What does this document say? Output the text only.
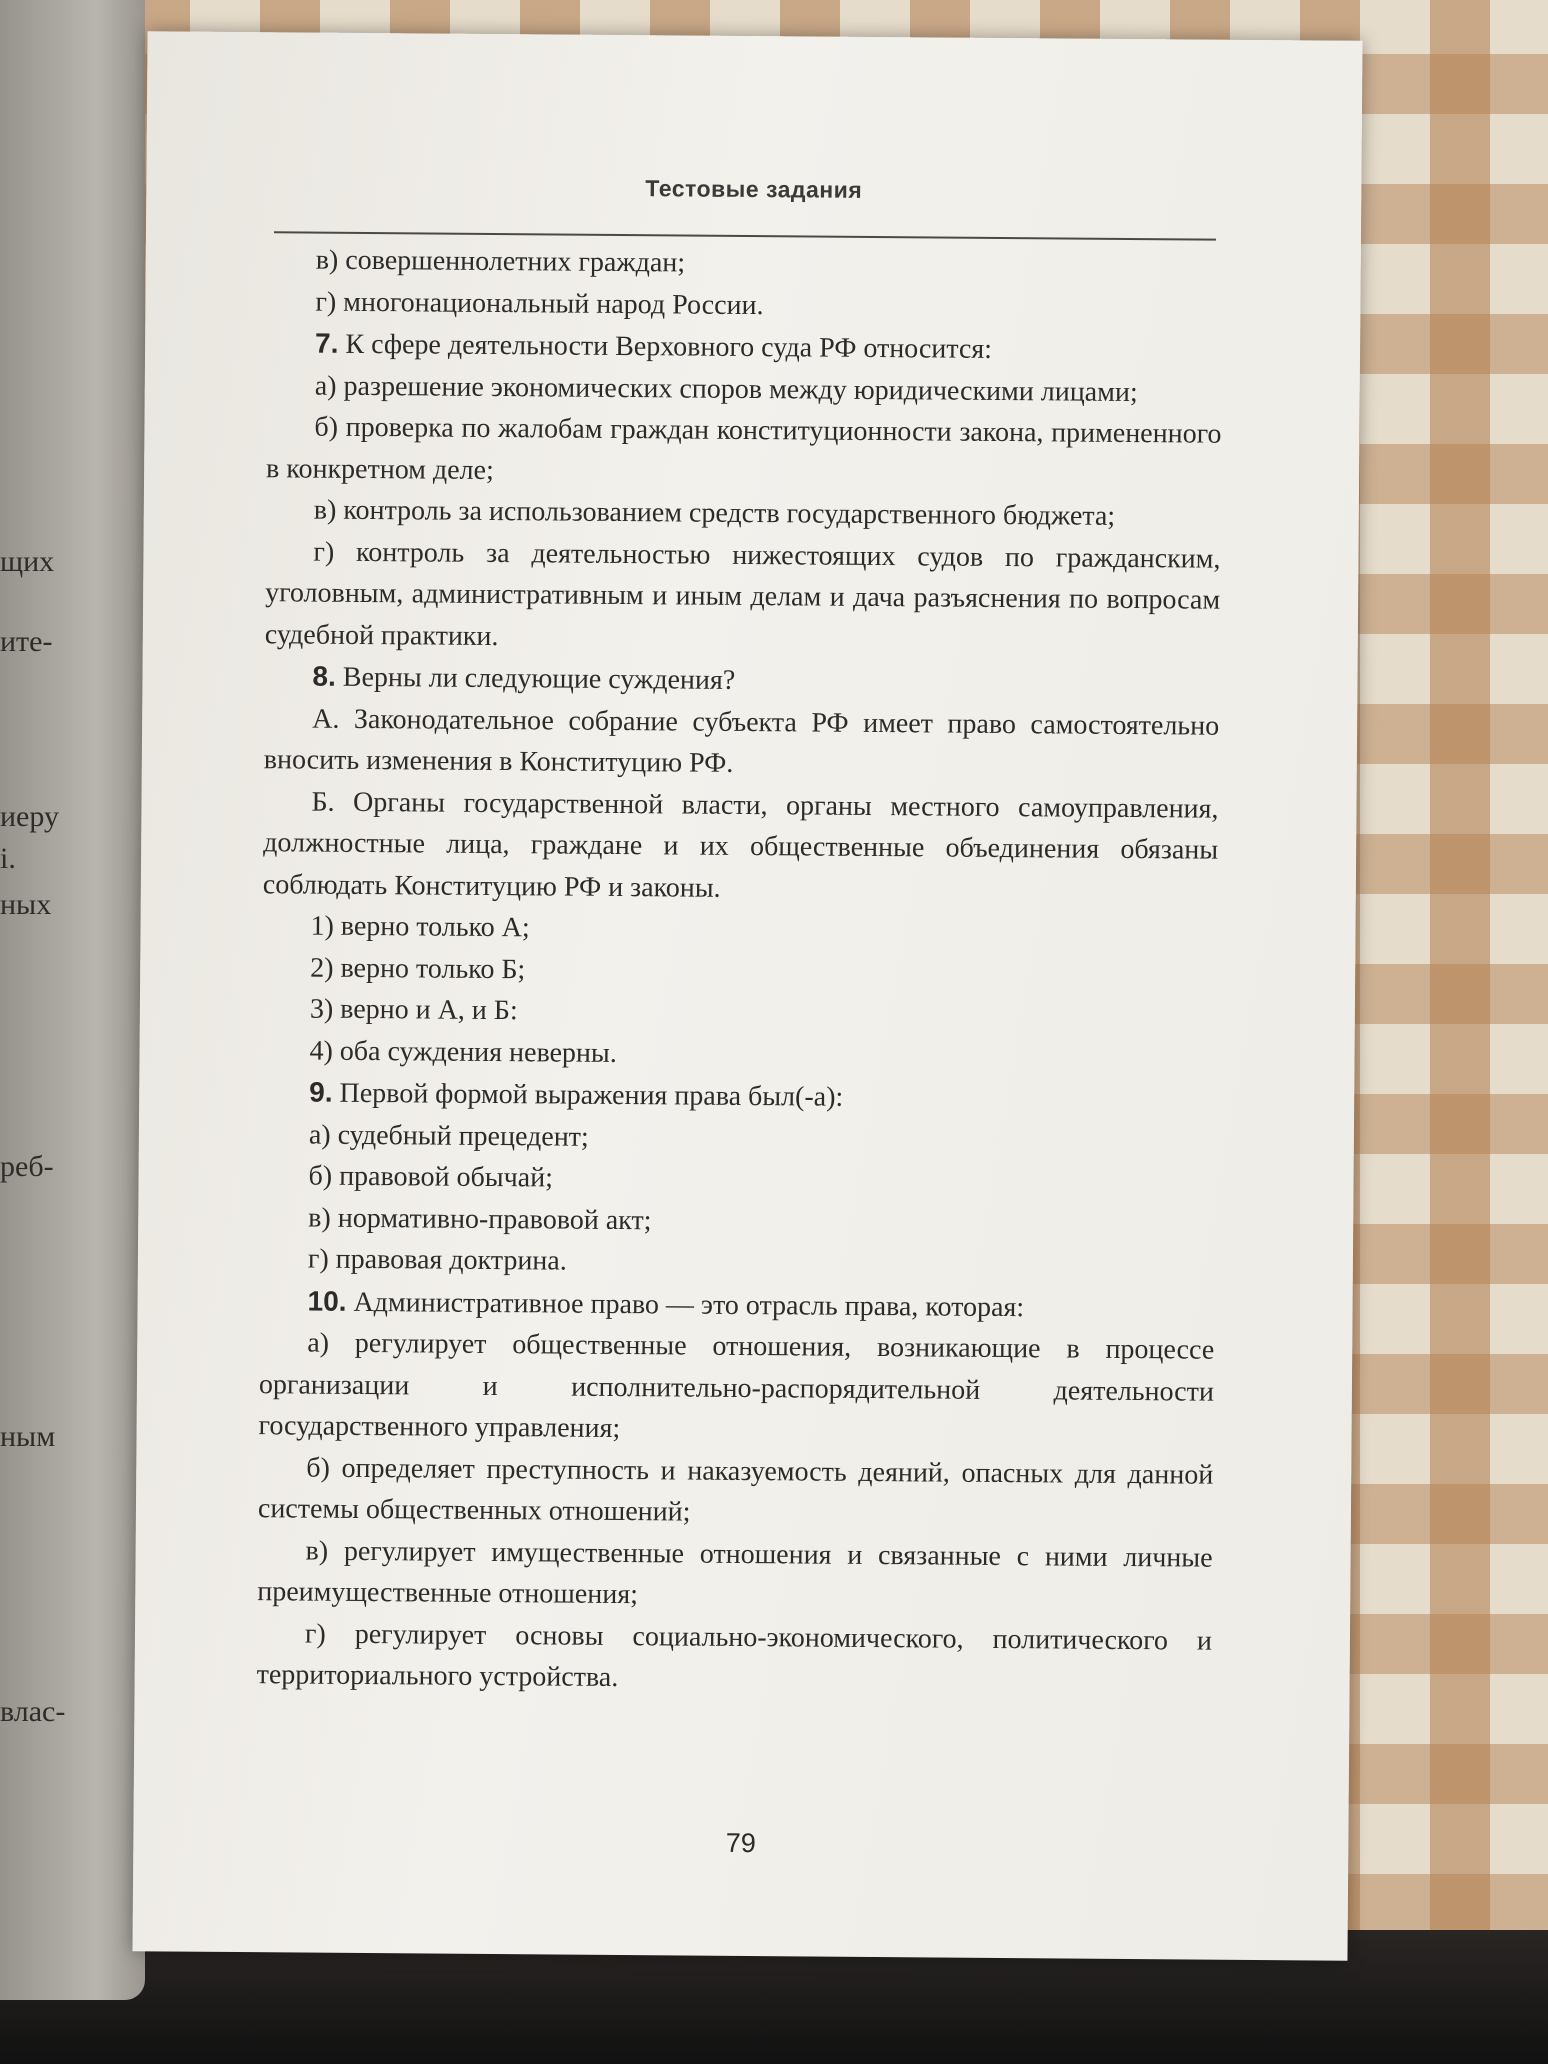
щих
ите-
иеру
і.
ных
реб-
ным
влас-
Тестовые задания

в) совершеннолетних граждан;

г) многонациональный народ России.

7. К сфере деятельности Верховного суда РФ относится:

а) разрешение экономических споров между юридическими лицами;

б) проверка по жалобам граждан конституционности закона, примененного в конкретном деле;

в) контроль за использованием средств государственного бюджета;

г) контроль за деятельностью нижестоящих судов по гражданским, уголовным, административным и иным делам и дача разъяснения по вопросам судебной практики.

8. Верны ли следующие суждения?

А. Законодательное собрание субъекта РФ имеет право самостоятельно вносить изменения в Конституцию РФ.

Б. Органы государственной власти, органы местного самоуправления, должностные лица, граждане и их общественные объединения обязаны соблюдать Конституцию РФ и законы.

1) верно только А;

2) верно только Б;

3) верно и А, и Б:

4) оба суждения неверны.

9. Первой формой выражения права был(-а):

а) судебный прецедент;

б) правовой обычай;

в) нормативно-правовой акт;

г) правовая доктрина.

10. Административное право — это отрасль права, которая:

а) регулирует общественные отношения, возникающие в процессе организации и исполнительно-распорядительной деятельности государственного управления;

б) определяет преступность и наказуемость деяний, опасных для данной системы общественных отношений;

в) регулирует имущественные отношения и связанные с ними личные преимущественные отношения;

г) регулирует основы социально-экономического, политического и территориального устройства.

79
